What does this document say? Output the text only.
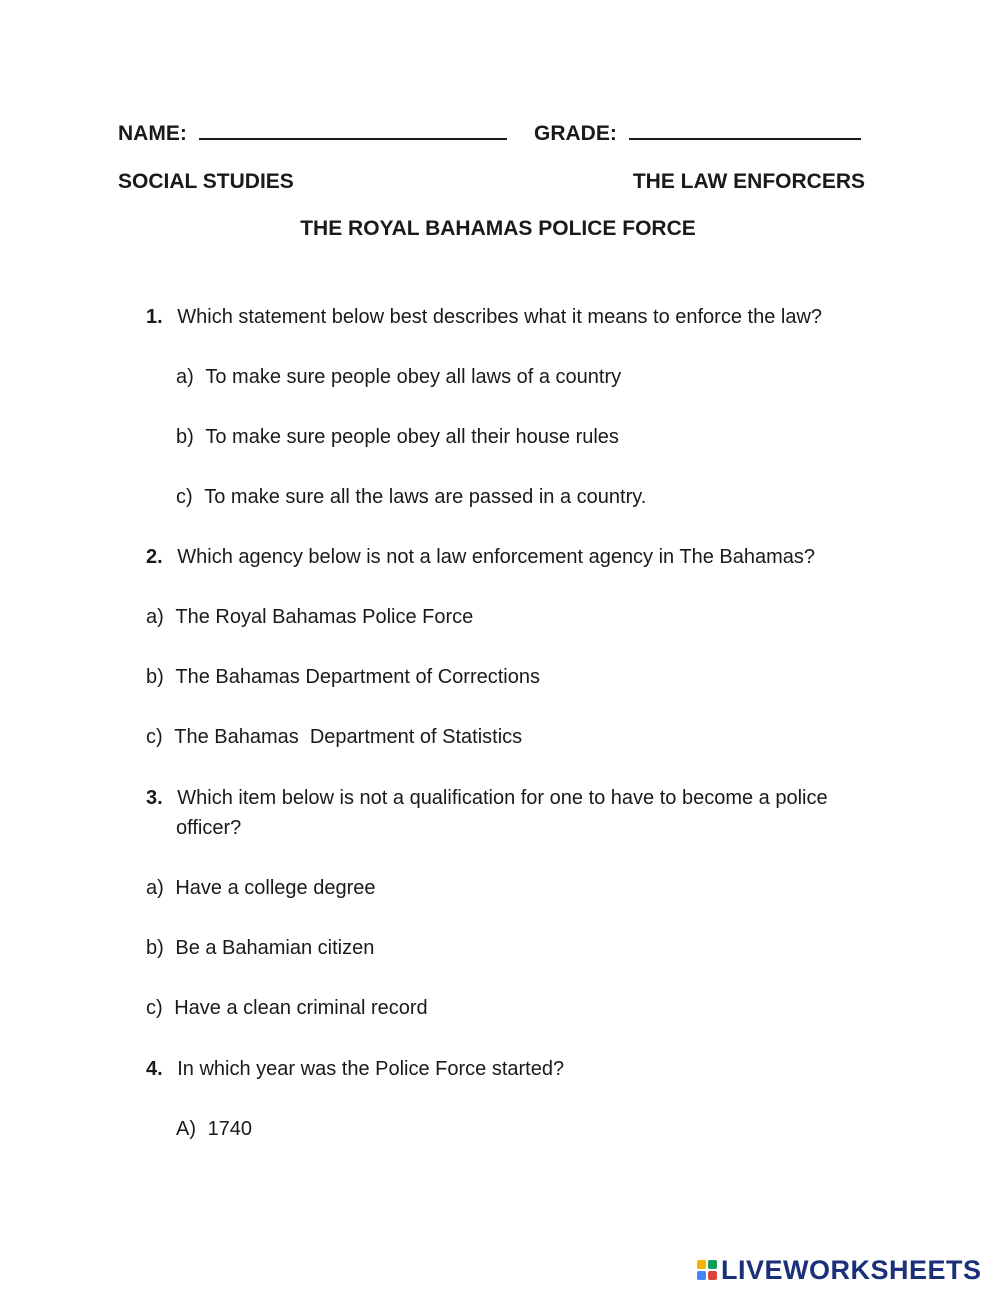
NAME:	GRADE:
SOCIAL STUDIES	THE LAW ENFORCERS
THE ROYAL BAHAMAS POLICE FORCE
1. Which statement below best describes what it means to enforce the law?
a) To make sure people obey all laws of a country
b) To make sure people obey all their house rules
c) To make sure all the laws are passed in a country.
2. Which agency below is not a law enforcement agency in The Bahamas?
a) The Royal Bahamas Police Force
b) The Bahamas Department of Corrections
c) The Bahamas  Department of Statistics
3. Which item below is not a qualification for one to have to become a police
officer?
a) Have a college degree
b) Be a Bahamian citizen
c) Have a clean criminal record
4. In which year was the Police Force started?
A) 1740
LIVEWORKSHEETS
